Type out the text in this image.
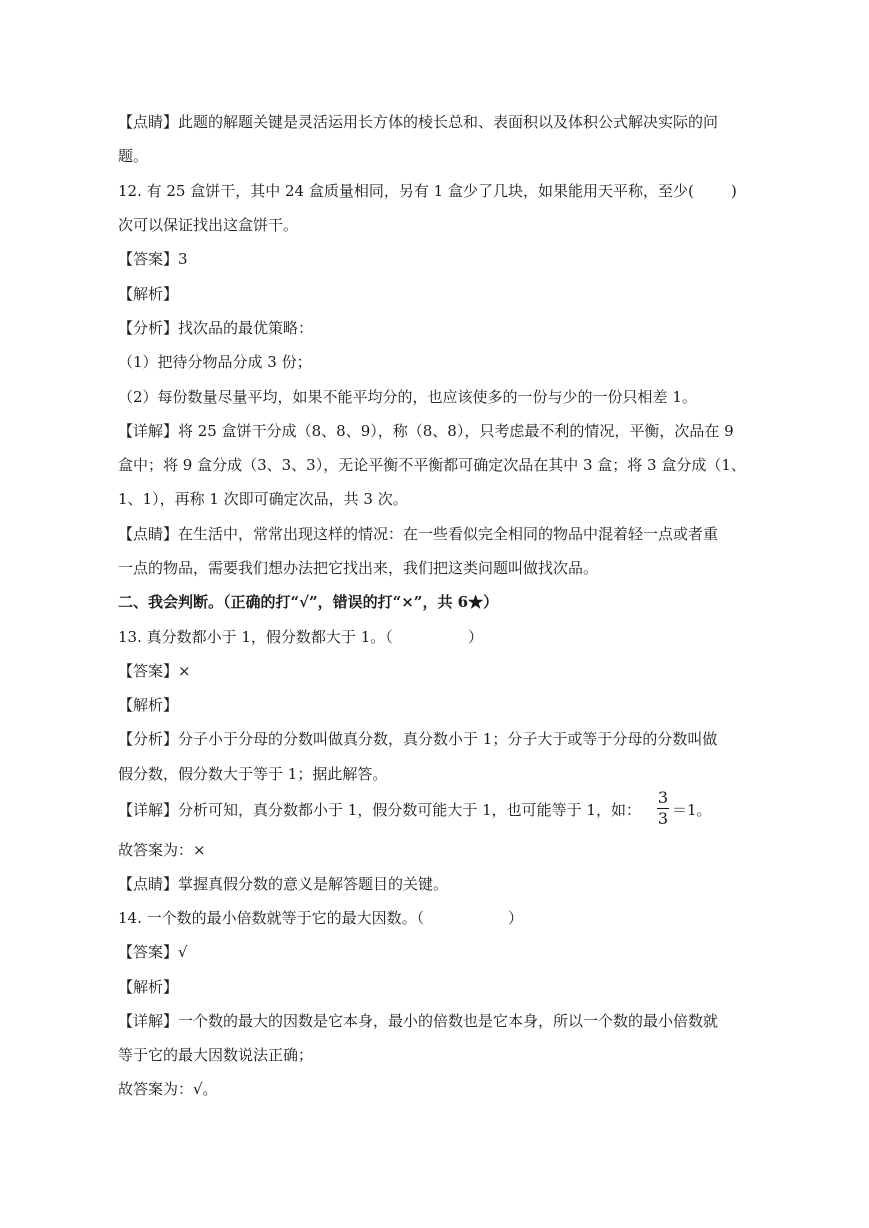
【点睛】此题的解题关键是灵活运用长方体的棱长总和、表面积以及体积公式解决实际的问
题。
12. 有 25 盒饼干，其中 24 盒质量相同，另有 1 盒少了几块，如果能用天平称，至少( )
次可以保证找出这盒饼干。
【答案】3
【解析】
【分析】找次品的最优策略：
（1）把待分物品分成 3 份；
（2）每份数量尽量平均，如果不能平均分的，也应该使多的一份与少的一份只相差 1。
【详解】将 25 盒饼干分成（8、8、9），称（8、8），只考虑最不利的情况，平衡，次品在 9
盒中；将 9 盒分成（3、3、3），无论平衡不平衡都可确定次品在其中 3 盒；将 3 盒分成（1、
1、1），再称 1 次即可确定次品，共 3 次。
【点睛】在生活中，常常出现这样的情况：在一些看似完全相同的物品中混着轻一点或者重
一点的物品，需要我们想办法把它找出来，我们把这类问题叫做找次品。
二、我会判断。（正确的打“√”，错误的打“×”，共 6★）
13. 真分数都小于 1，假分数都大于 1。（	）
【答案】×
【解析】
【分析】分子小于分母的分数叫做真分数，真分数小于 1；分子大于或等于分母的分数叫做
假分数，假分数大于等于 1；据此解答。
【详解】分析可知，真分数都小于 1，假分数可能大于 1，也可能等于 1，如：
3
3 ＝1。
故答案为：×
【点睛】掌握真假分数的意义是解答题目的关键。
14. 一个数的最小倍数就等于它的最大因数。（	）
【答案】√
【解析】
【详解】一个数的最大的因数是它本身，最小的倍数也是它本身，所以一个数的最小倍数就
等于它的最大因数说法正确；
故答案为：√。
